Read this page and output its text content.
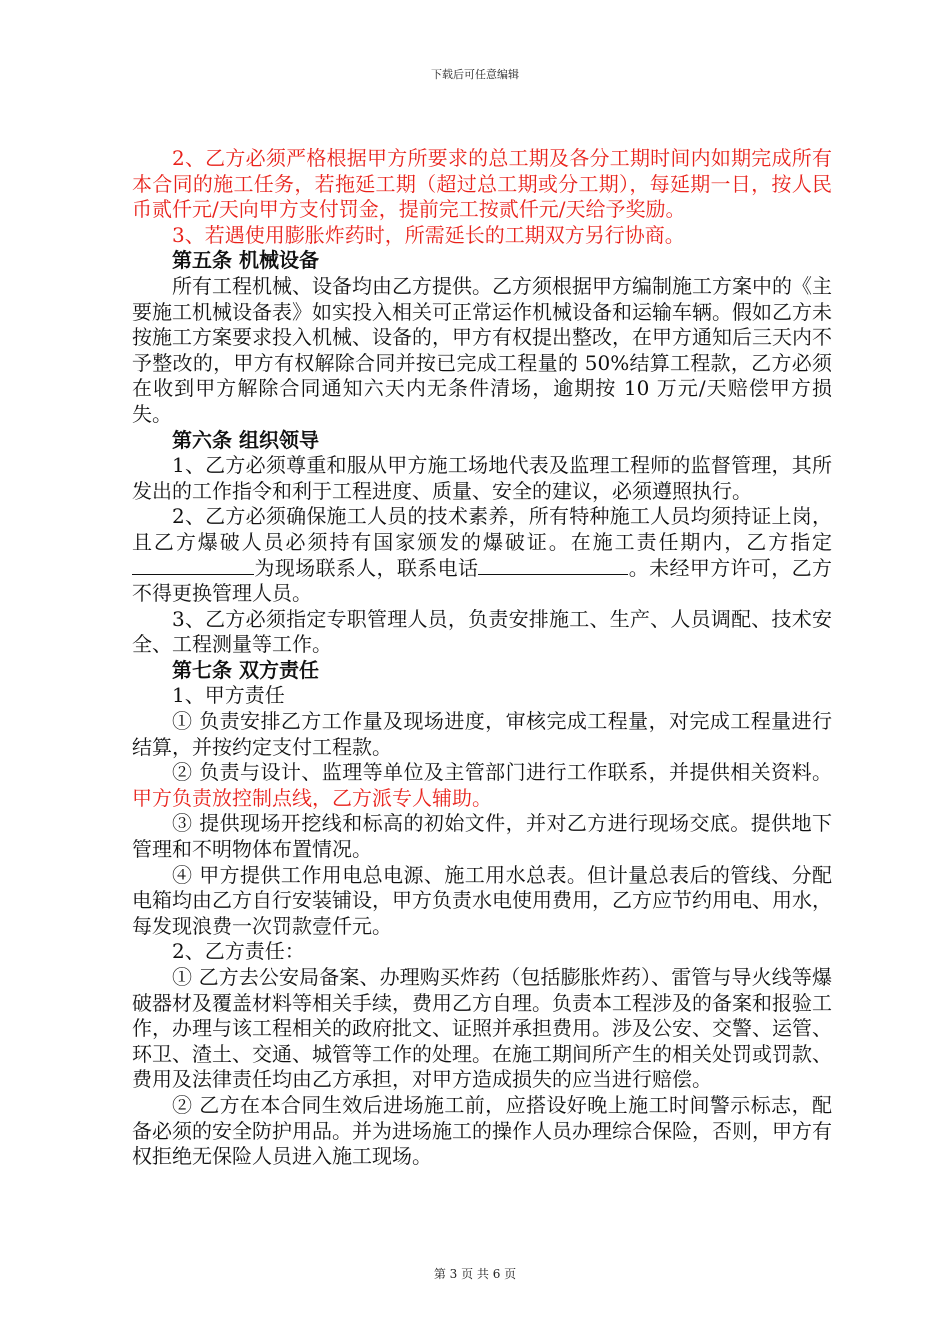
下载后可任意编辑

2、乙方必须严格根据甲方所要求的总工期及各分工期时间内如期完成所有本合同的施工任务，若拖延工期（超过总工期或分工期），每延期一日，按人民币贰仟元/天向甲方支付罚金，提前完工按贰仟元/天给予奖励。

3、若遇使用膨胀炸药时，所需延长的工期双方另行协商。

第五条 机械设备

所有工程机械、设备均由乙方提供。乙方须根据甲方编制施工方案中的《主要施工机械设备表》如实投入相关可正常运作机械设备和运输车辆。假如乙方未按施工方案要求投入机械、设备的，甲方有权提出整改，在甲方通知后三天内不予整改的，甲方有权解除合同并按已完成工程量的 50%结算工程款，乙方必须在收到甲方解除合同通知六天内无条件清场，逾期按 10 万元/天赔偿甲方损失。

第六条 组织领导

1、乙方必须尊重和服从甲方施工场地代表及监理工程师的监督管理，其所发出的工作指令和利于工程进度、质量、安全的建议，必须遵照执行。

2、乙方必须确保施工人员的技术素养，所有特种施工人员均须持证上岗，且乙方爆破人员必须持有国家颁发的爆破证。在施工责任期内，乙方指定为现场联系人，联系电话	。未经甲方许可，乙方不得更换管理人员。

3、乙方必须指定专职管理人员，负责安排施工、生产、人员调配、技术安全、工程测量等工作。

第七条 双方责任

1、甲方责任

① 负责安排乙方工作量及现场进度，审核完成工程量，对完成工程量进行结算，并按约定支付工程款。

② 负责与设计、监理等单位及主管部门进行工作联系，并提供相关资料。甲方负责放控制点线，乙方派专人辅助。

③ 提供现场开挖线和标高的初始文件，并对乙方进行现场交底。提供地下管理和不明物体布置情况。

④ 甲方提供工作用电总电源、施工用水总表。但计量总表后的管线、分配电箱均由乙方自行安装铺设，甲方负责水电使用费用，乙方应节约用电、用水，每发现浪费一次罚款壹仟元。

2、乙方责任：

① 乙方去公安局备案、办理购买炸药（包括膨胀炸药）、雷管与导火线等爆破器材及覆盖材料等相关手续，费用乙方自理。负责本工程涉及的备案和报验工作，办理与该工程相关的政府批文、证照并承担费用。涉及公安、交警、运管、环卫、渣土、交通、城管等工作的处理。在施工期间所产生的相关处罚或罚款、费用及法律责任均由乙方承担，对甲方造成损失的应当进行赔偿。

② 乙方在本合同生效后进场施工前，应搭设好晚上施工时间警示标志，配备必须的安全防护用品。并为进场施工的操作人员办理综合保险，否则，甲方有权拒绝无保险人员进入施工现场。

第 3 页 共 6 页
